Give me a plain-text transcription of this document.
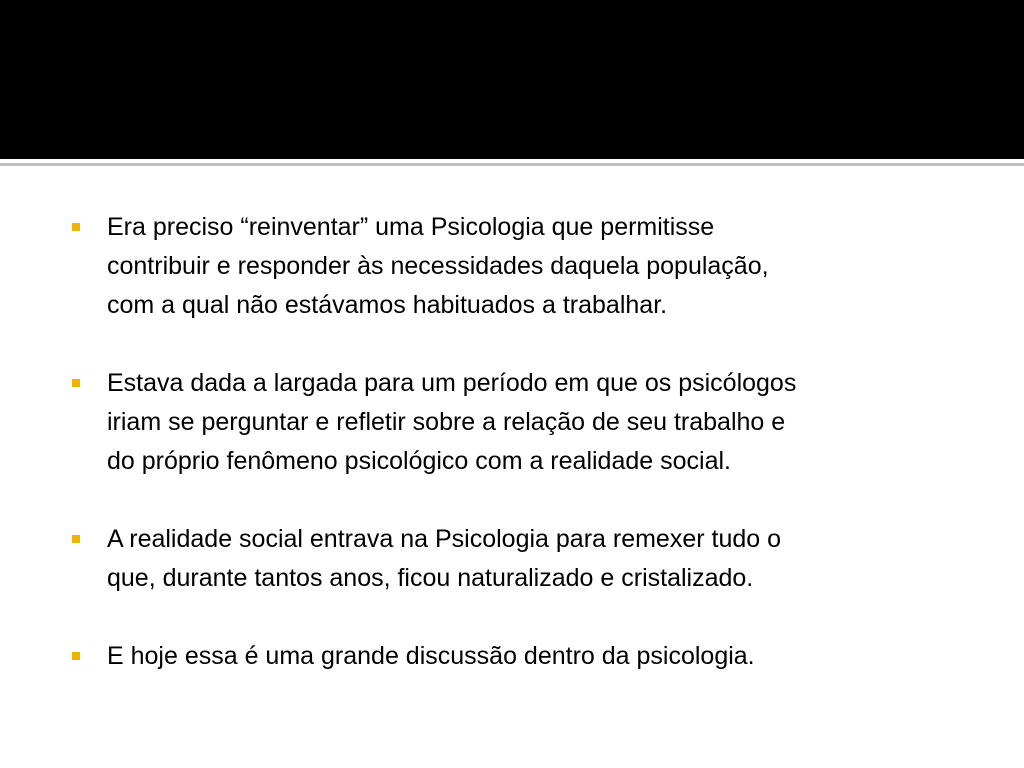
Era preciso “reinventar” uma Psicologia que permitisse
contribuir e responder às necessidades daquela população,
com a qual não estávamos habituados a trabalhar.
Estava dada a largada para um período em que os psicólogos
iriam se perguntar e refletir sobre a relação de seu trabalho e
do próprio fenômeno psicológico com a realidade social.
A realidade social entrava na Psicologia para remexer tudo o
que, durante tantos anos, ficou naturalizado e cristalizado.
E hoje essa é uma grande discussão dentro da psicologia.
